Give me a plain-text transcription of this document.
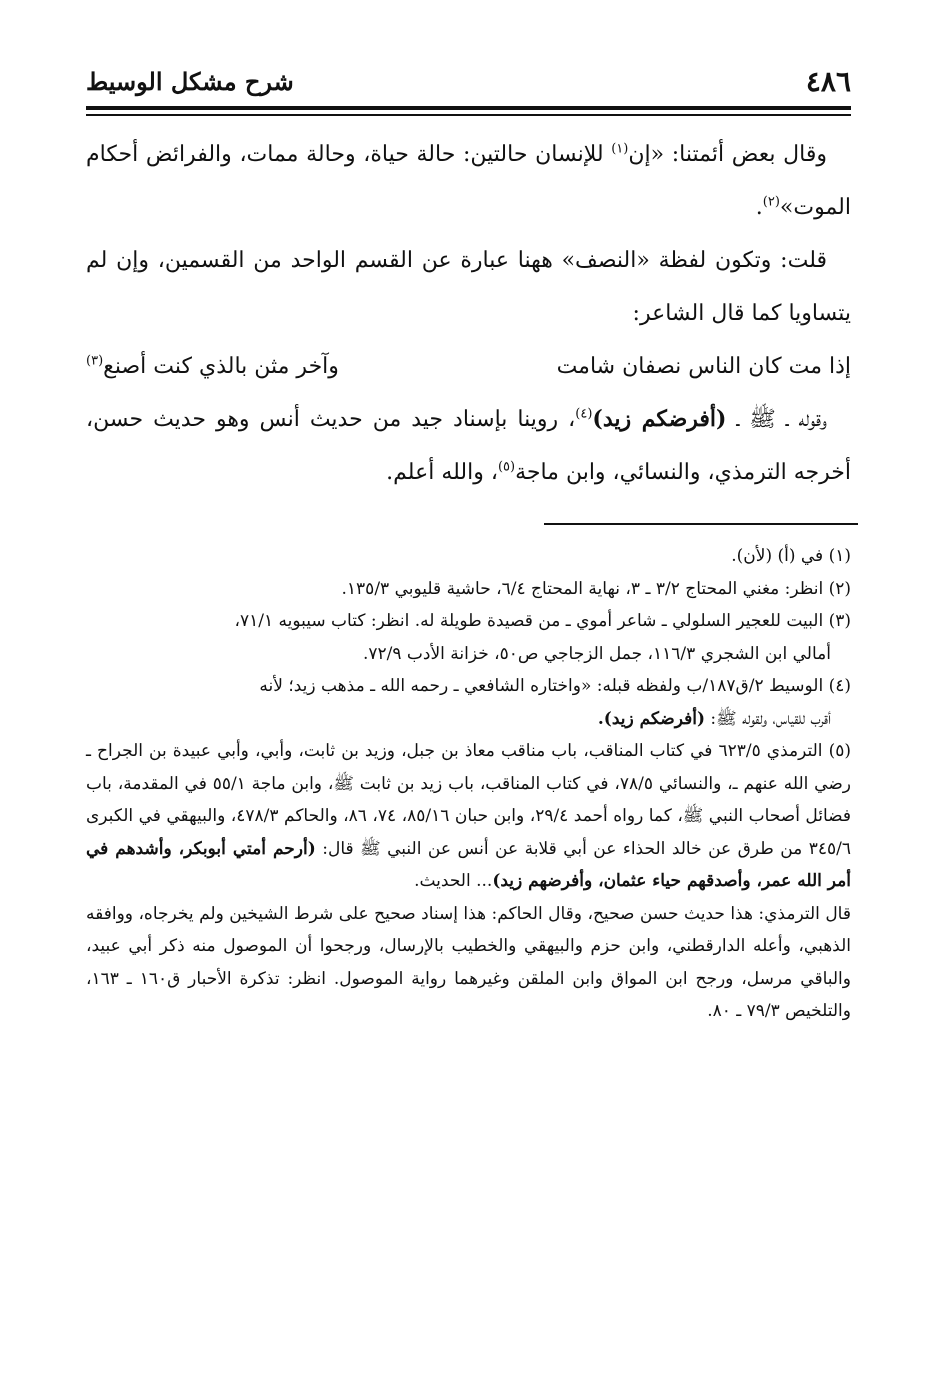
٤٨٦
شرح مشكل الوسيط

وقال بعض أئمتنا: «إن$^{(١)}$ للإنسان حالتين: حالة حياة، وحالة ممات، والفرائض أحكام الموت»$^{(٢)}$.

قلت: وتكون لفظة «النصف» ههنا عبارة عن القسم الواحد من القسمين، وإن لم يتساويا كما قال الشاعر:

إذا مت كان الناس نصفان شامت
وآخر مثن بالذي كنت أصنع$^{(٣)}$

وقوله ـ ﷺ ـ (أفرضكم زيد)$^{(٤)}$، روينا بإسناد جيد من حديث أنس وهو حديث حسن، أخرجه الترمذي، والنسائي، وابن ماجة$^{(٥)}$، والله أعلم.

(١) في (أ) (لأن).

(٢) انظر: مغني المحتاج ٣/٢ ـ ٣، نهاية المحتاج ٦/٤، حاشية قليوبي ١٣٥/٣.

(٣) البيت للعجير السلولي ـ شاعر أموي ـ من قصيدة طويلة له. انظر: كتاب سيبويه ٧١/١،

أمالي ابن الشجري ١١٦/٣، جمل الزجاجي ص٥٠، خزانة الأدب ٧٢/٩.

(٤) الوسيط ٢/ق١٨٧/ب ولفظه قبله: «واختاره الشافعي ـ رحمه الله ـ مذهب زيد؛ لأنه

أقرب للقياس، ولقوله ﷺ: (أفرضكم زيد).

(٥) الترمذي ٦٢٣/٥ في كتاب المناقب، باب مناقب معاذ بن جبل، وزيد بن ثابت، وأبي، وأبي عبيدة بن الجراح ـ رضي الله عنهم ـ، والنسائي ٧٨/٥، في كتاب المناقب، باب زيد بن ثابت ﷺ، وابن ماجة ٥٥/١ في المقدمة، باب فضائل أصحاب النبي ﷺ، كما رواه أحمد ٢٩/٤، وابن حبان ٨٥/١٦، ٧٤، ٨٦، والحاكم ٤٧٨/٣، والبيهقي في الكبرى ٣٤٥/٦ من طرق عن خالد الحذاء عن أبي قلابة عن أنس عن النبي ﷺ قال: (أرحم أمتي أبوبكر، وأشدهم في أمر الله عمر، وأصدقهم حياء عثمان، وأفرضهم زيد)... الحديث.

قال الترمذي: هذا حديث حسن صحيح، وقال الحاكم: هذا إسناد صحيح على شرط الشيخين ولم يخرجاه، ووافقه الذهبي، وأعله الدارقطني، وابن حزم والبيهقي والخطيب بالإرسال، ورجحوا أن الموصول منه ذكر أبي عبيد، والباقي مرسل، ورجح ابن المواق وابن الملقن وغيرهما رواية الموصول. انظر: تذكرة الأحبار ق١٦٠ ـ ١٦٣، والتلخيص ٧٩/٣ ـ ٨٠.
